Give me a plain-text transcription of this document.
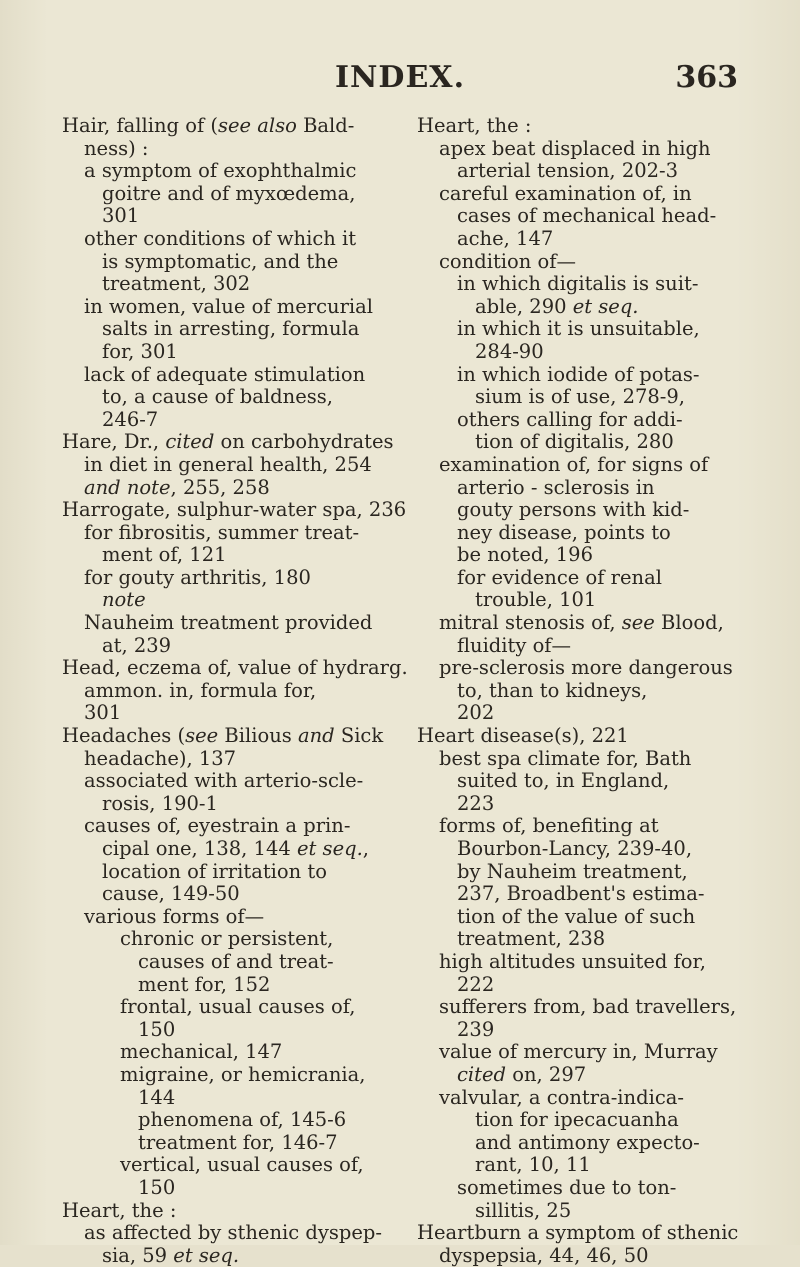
INDEX.	363
Hair, falling of (see also Bald-
ness) :
a symptom of exophthalmic
goitre and of myxœdema,
301
other conditions of which it
is symptomatic, and the
treatment, 302
in women, value of mercurial
salts in arresting, formula
for, 301
lack of adequate stimulation
to, a cause of baldness,
246-7
Hare, Dr., cited on carbohydrates
in diet in general health, 254
and note, 255, 258
Harrogate, sulphur-water spa, 236
for fibrositis, summer treat-
ment of, 121
for gouty arthritis, 180
note
Nauheim treatment provided
at, 239
Head, eczema of, value of hydrarg.
ammon. in, formula for,
301
Headaches (see Bilious and Sick
headache), 137
associated with arterio-scle-
rosis, 190-1
causes of, eyestrain a prin-
cipal one, 138, 144 et seq.,
location of irritation to
cause, 149-50
various forms of—
chronic or persistent,
causes of and treat-
ment for, 152
frontal, usual causes of,
150
mechanical, 147
migraine, or hemicrania,
144
phenomena of, 145-6
treatment for, 146-7
vertical, usual causes of,
150
Heart, the :
as affected by sthenic dyspep-
sia, 59 et seq.
Heart, the :
apex beat displaced in high
arterial tension, 202-3
careful examination of, in
cases of mechanical head-
ache, 147
condition of—
in which digitalis is suit-
able, 290 et seq.
in which it is unsuitable,
284-90
in which iodide of potas-
sium is of use, 278-9,
others calling for addi-
tion of digitalis, 280
examination of, for signs of
arterio - sclerosis in
gouty persons with kid-
ney disease, points to
be noted, 196
for evidence of renal
trouble, 101
mitral stenosis of, see Blood,
fluidity of—
pre-sclerosis more dangerous
to, than to kidneys,
202
Heart disease(s), 221
best spa climate for, Bath
suited to, in England,
223
forms of, benefiting at
Bourbon-Lancy, 239-40,
by Nauheim treatment,
237, Broadbent's estima-
tion of the value of such
treatment, 238
high altitudes unsuited for,
222
sufferers from, bad travellers,
239
value of mercury in, Murray
cited on, 297
valvular, a contra-indica-
tion for ipecacuanha
and antimony expecto-
rant, 10, 11
sometimes due to ton-
sillitis, 25
Heartburn a symptom of sthenic
dyspepsia, 44, 46, 50
